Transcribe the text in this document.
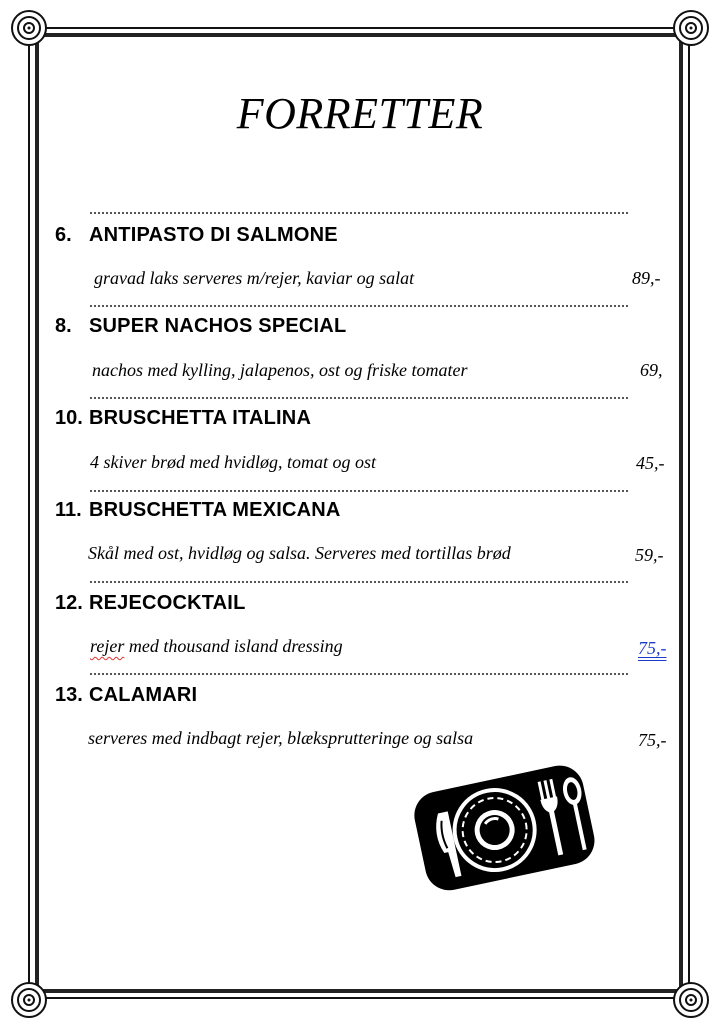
FORRETTER
6. ANTIPASTO DI SALMONE
gravad laks serveres m/rejer, kaviar og salat	89,-
8. SUPER NACHOS SPECIAL
nachos med kylling, jalapenos, ost og friske tomater	69,
10. BRUSCHETTA ITALINA
4 skiver brød med hvidløg, tomat og ost	45,-
11. BRUSCHETTA MEXICANA
Skål med ost, hvidløg og salsa. Serveres med tortillas brød	59,-
12. REJECOCKTAIL
rejer med thousand island dressing	75,-
13. CALAMARI
serveres med indbagt rejer, blæksprutteringe og salsa	75,-
